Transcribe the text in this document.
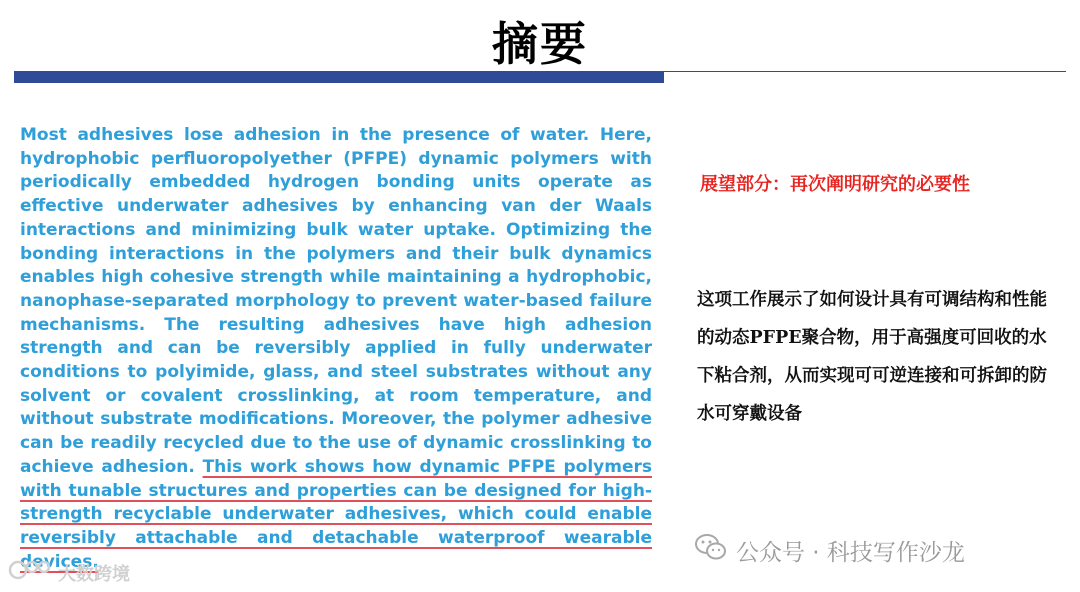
摘要
Most adhesives lose adhesion in the presence of water. Here, hydrophobic perfluoropolyether (PFPE) dynamic polymers with periodically embedded hydrogen bonding units operate as effective underwater adhesives by enhancing van der Waals interactions and minimizing bulk water uptake. Optimizing the bonding interactions in the polymers and their bulk dynamics enables high cohesive strength while maintaining a hydrophobic, nanophase-separated morphology to prevent water-based failure mechanisms. The resulting adhesives have high adhesion strength and can be reversibly applied in fully underwater conditions to polyimide, glass, and steel substrates without any solvent or covalent crosslinking, at room temperature, and without substrate modifications. Moreover, the polymer adhesive can be readily recycled due to the use of dynamic crosslinking to achieve adhesion. This work shows how dynamic PFPE polymers with tunable structures and properties can be designed for high-strength recyclable underwater adhesives, which could enable reversibly attachable and detachable waterproof wearable devices.
展望部分：再次阐明研究的必要性
这项工作展示了如何设计具有可调结构和性能的动态PFPE聚合物，用于高强度可回收的水下粘合剂，从而实现可可逆连接和可拆卸的防水可穿戴设备
公众号 · 科技写作沙龙
大数跨境
